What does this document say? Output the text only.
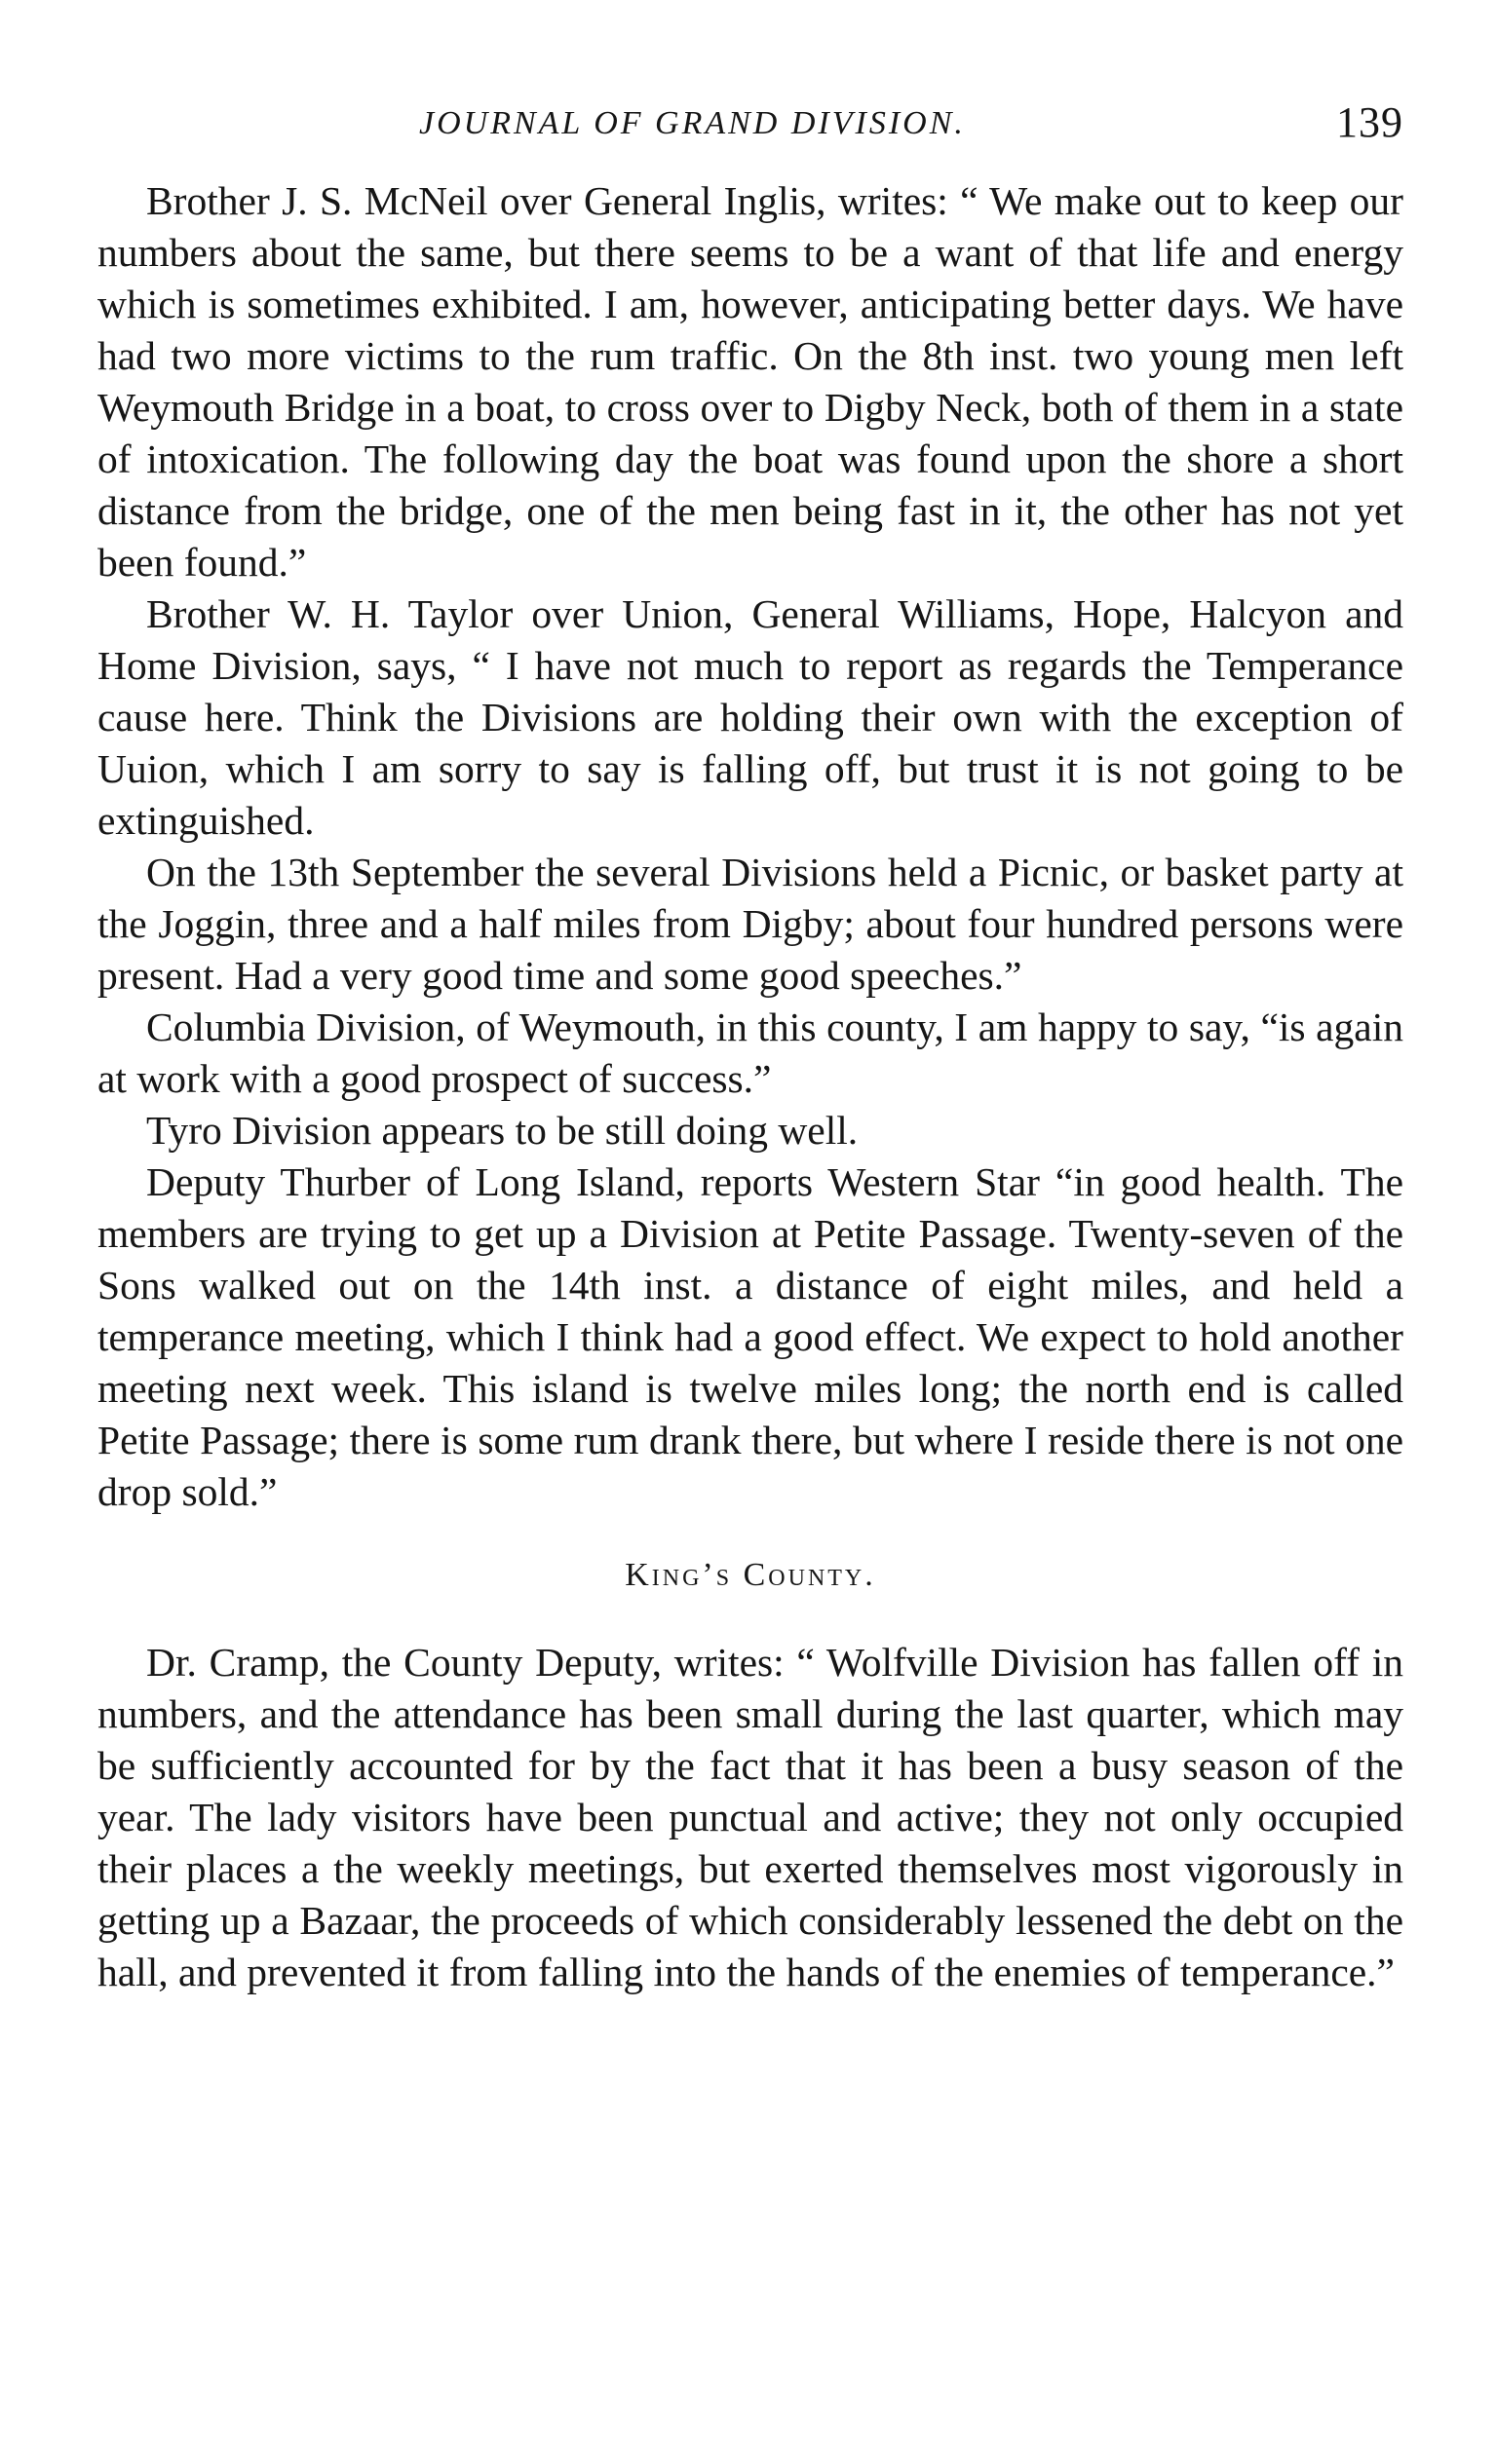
JOURNAL OF GRAND DIVISION.	139

Brother J. S. McNeil over General Inglis, writes: “ We make out to keep our numbers about the same, but there seems to be a want of that life and energy which is sometimes exhibited. I am, however, anticipating better days. We have had two more victims to the rum traffic. On the 8th inst. two young men left Weymouth Bridge in a boat, to cross over to Digby Neck, both of them in a state of intoxication. The following day the boat was found upon the shore a short distance from the bridge, one of the men being fast in it, the other has not yet been found.”

Brother W. H. Taylor over Union, General Williams, Hope, Halcyon and Home Division, says, “ I have not much to report as regards the Temperance cause here. Think the Divisions are holding their own with the exception of Uuion, which I am sorry to say is falling off, but trust it is not going to be extinguished.

On the 13th September the several Divisions held a Picnic, or basket party at the Joggin, three and a half miles from Digby; about four hundred persons were present. Had a very good time and some good speeches.”

Columbia Division, of Weymouth, in this county, I am happy to say, “is again at work with a good prospect of success.”

Tyro Division appears to be still doing well.

Deputy Thurber of Long Island, reports Western Star “in good health. The members are trying to get up a Division at Petite Passage. Twenty-seven of the Sons walked out on the 14th inst. a distance of eight miles, and held a temperance meeting, which I think had a good effect. We expect to hold another meeting next week. This island is twelve miles long; the north end is called Petite Passage; there is some rum drank there, but where I reside there is not one drop sold.”

King’s County.

Dr. Cramp, the County Deputy, writes: “ Wolfville Division has fallen off in numbers, and the attendance has been small during the last quarter, which may be sufficiently accounted for by the fact that it has been a busy season of the year. The lady visitors have been punctual and active; they not only occupied their places a the weekly meetings, but exerted themselves most vigorously in getting up a Bazaar, the proceeds of which considerably lessened the debt on the hall, and prevented it from falling into the hands of the enemies of temperance.”
